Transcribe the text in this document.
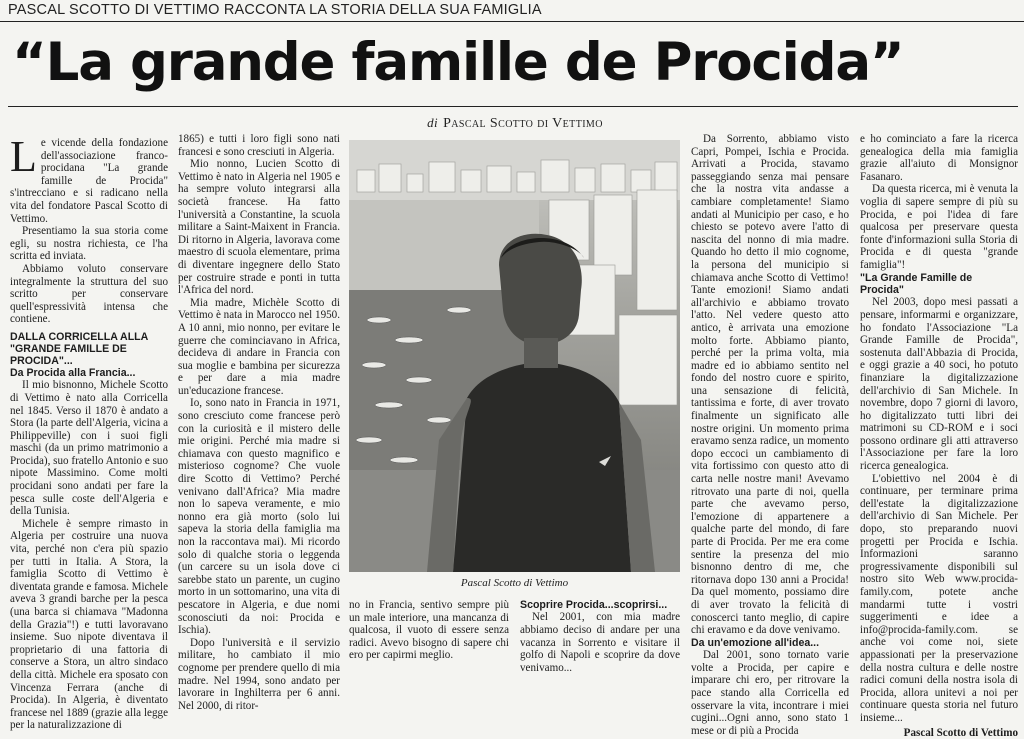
PASCAL SCOTTO DI VETTIMO RACCONTA LA STORIA DELLA SUA FAMIGLIA
“La grande famille de Procida”
di Pascal Scotto di Vettimo
L e vicende della fondazione dell'associazione franco-procidana "La grande famille de Procida" s'intrecciano e si radicano nella vita del fondatore Pascal Scotto di Vettimo.

Presentiamo la sua storia come egli, su nostra richiesta, ce l'ha scritta ed inviata.

Abbiamo voluto conservare integralmente la struttura del suo scritto per conservare quell'espressività intensa che contiene.

DALLA CORRICELLA ALLA "GRANDE FAMILLE DE PROCIDA"...
Da Procida alla Francia...

Il mio bisnonno, Michele Scotto di Vettimo è nato alla Corricella nel 1845. Verso il 1870 è andato a Stora (la parte dell'Algeria, vicina a Philippeville) con i suoi figli maschi (da un primo matrimonio a Procida), suo fratello Antonio e suo nipote Massimino. Come molti procidani sono andati per fare la pesca sulle coste dell'Algeria e della Tunisia.

Michele è sempre rimasto in Algeria per costruire una nuova vita, perché non c'era più spazio per tutti in Italia. A Stora, la famiglia Scotto di Vettimo è diventata grande e famosa. Michele aveva 3 grandi barche per la pesca (una barca si chiamava "Madonna della Grazia"!) e tutti lavoravano insieme. Suo nipote diventava il proprietario di una fattoria di conserve a Stora, un altro sindaco della città. Michele era sposato con Vincenza Ferrara (anche di Procida). In Algeria, è diventato francese nel 1889 (grazie alla legge per la naturalizzazione di

1865) e tutti i loro figli sono nati francesi e sono cresciuti in Algeria.

Mio nonno, Lucien Scotto di Vettimo è nato in Algeria nel 1905 e ha sempre voluto integrarsi alla società francese. Ha fatto l'università a Constantine, la scuola militare a Saint-Maixent in Francia. Di ritorno in Algeria, lavorava come maestro di scuola elementare, prima di diventare ingegnere dello Stato per costruire strade e ponti in tutta l'Africa del nord.

Mia madre, Michèle Scotto di Vettimo è nata in Marocco nel 1950. A 10 anni, mio nonno, per evitare le guerre che cominciavano in Africa, decideva di andare in Francia con sua moglie e bambina per sicurezza e per dare a mia madre un'educazione francese.

Io, sono nato in Francia in 1971, sono cresciuto come francese però con la curiosità e il mistero delle mie origini. Perché mia madre si chiamava con questo magnifico e misterioso cognome? Che vuole dire Scotto di Vettimo? Perché venivano dall'Africa? Mia madre non lo sapeva veramente, e mio nonno era già morto (solo lui sapeva la storia della famiglia ma non la raccontava mai). Mi ricordo solo di qualche storia o leggenda (un carcere su un isola dove ci sarebbe stato un parente, un cugino morto in un sottomarino, una vita di pescatore in Algeria, e due nomi sconosciuti da noi: Procida e Ischia).

Dopo l'università e il servizio militare, ho cambiato il mio cognome per prendere quello di mia madre. Nel 1994, sono andato per lavorare in Inghilterra per 6 anni. Nel 2000, di ritor-

Pascal Scotto di Vettimo

no in Francia, sentivo sempre più un male interiore, una mancanza di qualcosa, il vuoto di essere senza radici. Avevo bisogno di sapere chi ero per capirmi meglio.

Scoprire Procida...scoprirsi...

Nel 2001, con mia madre abbiamo deciso di andare per una vacanza in Sorrento e visitare il golfo di Napoli e scoprire da dove venivamo...

Da Sorrento, abbiamo visto Capri, Pompei, Ischia e Procida. Arrivati a Procida, stavamo passeggiando senza mai pensare che la nostra vita andasse a cambiare completamente! Siamo andati al Municipio per caso, e ho chiesto se potevo avere l'atto di nascita del nonno di mia madre. Quando ho detto il mio cognome, la persona del municipio si chiamava anche Scotto di Vettimo! Tante emozioni! Siamo andati all'archivio e abbiamo trovato l'atto. Nel vedere questo atto antico, è arrivata una emozione molto forte. Abbiamo pianto, perché per la prima volta, mia madre ed io abbiamo sentito nel fondo del nostro cuore e spirito, una sensazione di felicità, tantissima e forte, di aver trovato finalmente un significato alle nostre origini. Un momento prima eravamo senza radice, un momento dopo eccoci un cambiamento di vita fortissimo con questo atto di carta nelle nostre mani! Avevamo ritrovato una parte di noi, quella parte che avevamo perso, l'emozione di appartenere a qualche parte del mondo, di fare parte di Procida. Per me era come sentire la presenza del mio bisnonno dentro di me, che ritornava dopo 130 anni a Procida! Da quel momento, possiamo dire di aver trovato la felicità di conoscerci tanto meglio, di capire chi eravamo e da dove venivamo.

Da un'emozione all'idea...

Dal 2001, sono tornato varie volte a Procida, per capire e imparare chi ero, per ritrovare la pace stando alla Corricella ed osservare la vita, incontrare i miei cugini...Ogni anno, sono stato 1 mese or di più a Procida

e ho cominciato a fare la ricerca genealogica della mia famiglia grazie all'aiuto di Monsignor Fasanaro.

Da questa ricerca, mi è venuta la voglia di sapere sempre di più su Procida, e poi l'idea di fare qualcosa per preservare questa fonte d'informazioni sulla Storia di Procida e di questa "grande famiglia"!

"La Grande Famille de Procida"

Nel 2003, dopo mesi passati a pensare, informarmi e organizzare, ho fondato l'Associazione "La Grande Famille de Procida", sostenuta dall'Abbazia di Procida, e oggi grazie a 40 soci, ho potuto finanziare la digitalizzazione dell'archivio di San Michele. In novembre, dopo 7 giorni di lavoro, ho digitalizzato tutti libri dei matrimoni su CD-ROM e i soci possono ordinare gli atti attraverso l'Associazione per fare la loro ricerca genealogica.

L'obiettivo nel 2004 è di continuare, per terminare prima dell'estate la digitalizzazione dell'archivio di San Michele. Per dopo, sto preparando nuovi progetti per Procida e Ischia. Informazioni saranno progressivamente disponibili sul nostro sito Web www.procida-family.com, potete anche mandarmi tutte i vostri suggerimenti e idee a info@procida-family.com. se anche voi come noi, siete appassionati per la preservazione della nostra cultura e delle nostre radici comuni della nostra isola di Procida, allora unitevi a noi per continuare questa storia nel futuro insieme...

Pascal Scotto di Vettimo
